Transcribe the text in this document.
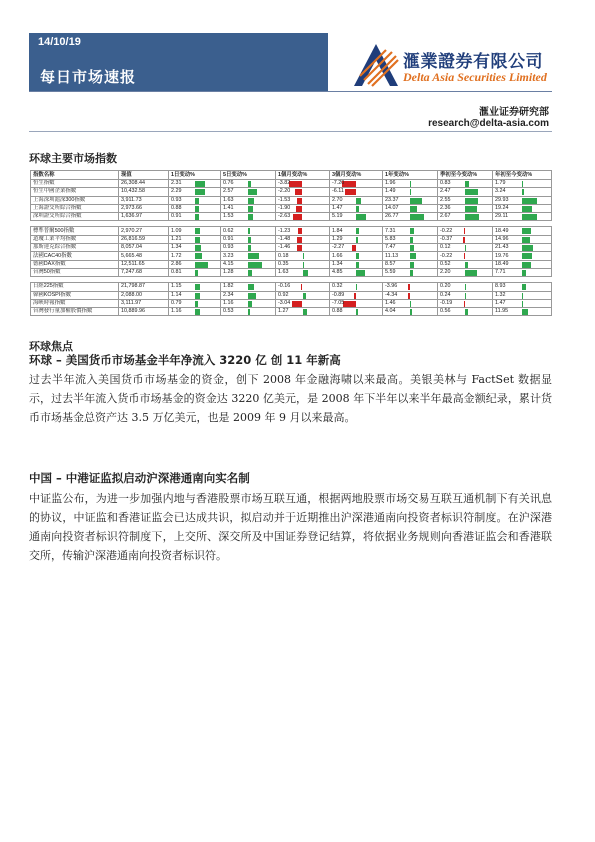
14/10/19
每日市场速报
滙業證券有限公司
Delta Asia Securities Limited
滙业证券研究部
research@delta-asia.com
环球主要市场指数
指数名称	现值	1日变动%	5日变动%	1個月变动%	3個月变动%	1年变动%	季初至今变动%	年初至今变动%
恒生指數	26,308.44	2.31	0.76	-3.82	-7.20	1.96	0.83	1.79
恒生中國企業指數	10,432.58	2.29	2.57	-2.20	-6.11	1.49	2.47	3.24
上海深圳滬深300指數	3,911.73	0.93	1.63	-1.53	2.70	23.37	2.55	29.93
上海證交所綜合指數	2,973.66	0.88	1.41	-1.90	1.47	14.07	2.36	19.24
深圳證交所綜合指數	1,636.97	0.91	1.53	-2.63	5.19	26.77	2.67	29.11

標準普爾500指數	2,970.27	1.09	0.62	-1.23	1.84	7.31	-0.22	18.49
道瓊工業平均指數	26,816.59	1.21	0.91	-1.48	1.29	5.83	-0.37	14.96
那斯達克綜合指數	8,057.04	1.34	0.93	-1.46	-2.27	7.47	0.12	21.43
法國CAC40指數	5,665.48	1.72	3.23	0.18	1.66	11.13	-0.22	19.76
德國DAX指數	12,511.65	2.86	4.15	0.35	1.34	8.57	0.52	18.49
台灣50指數	7,247.68	0.81	1.28	1.63	4.85	5.59	2.20	7.71

日經225指數	21,798.87	1.15	1.82	-0.16	0.32	-3.96	0.20	8.93
韓國KOSPI指數	2,088.00	1.14	2.34	0.92	-0.89	-4.34	0.24	1.32
海峽時報指數	3,111.97	0.79	1.16	-3.04	-7.05	1.46	-0.19	1.47
台灣發行量加權股價指數	10,889.96	1.16	0.53	1.27	0.88	4.04	0.56	11.95
环球焦点
环球 – 美国货币市场基金半年净流入 3220 亿 创 11 年新高
过去半年流入美国货币市场基金的资金，创下 2008 年金融海啸以来最高。美银美林与 FactSet 数据显示，过去半年流入货币市场基金的资金达 3220 亿美元，是 2008 年下半年以来半年最高金额纪录，累计货币市场基金总资产达 3.5 万亿美元，也是 2009 年 9 月以来最高。
中国 – 中港证监拟启动沪深港通南向实名制
中证监公布，为进一步加强内地与香港股票市场互联互通，根据两地股票市场交易互联互通机制下有关讯息的协议，中证监和香港证监会已达成共识，拟启动并于近期推出沪深港通南向投资者标识符制度。在沪深港通南向投资者标识符制度下，上交所、深交所及中国证券登记结算，将依据业务规则向香港证监会和香港联交所，传输沪深港通南向投资者标识符。
